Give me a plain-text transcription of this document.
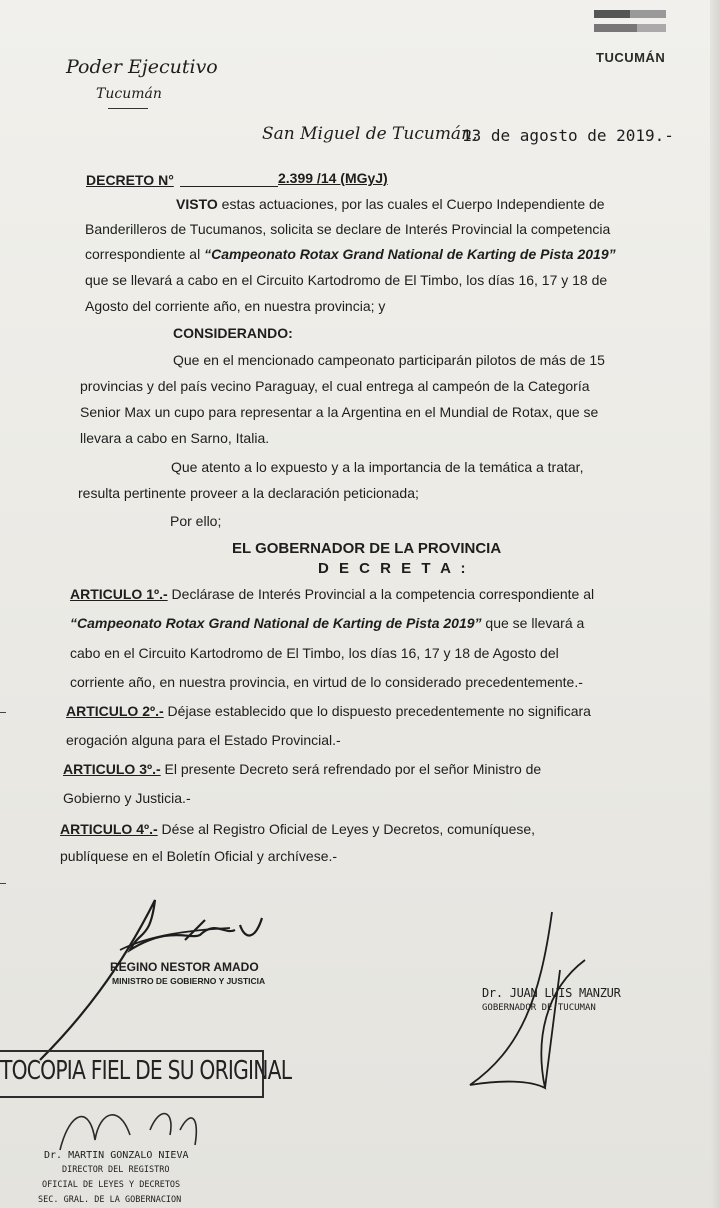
Poder Ejecutivo
Tucumán
TUCUMÁN
San Miguel de Tucumán,
13 de agosto de 2019.-
DECRETO N°	2.399 /14 (MGyJ)
VISTO estas actuaciones, por las cuales el Cuerpo Independiente de
Banderilleros de Tucumanos, solicita se declare de Interés Provincial la competencia
correspondiente al “Campeonato Rotax Grand National de Karting de Pista 2019”
que se llevará a cabo en el Circuito Kartodromo de El Timbo, los días 16, 17 y 18 de
Agosto del corriente año, en nuestra provincia; y
CONSIDERANDO:
Que en el mencionado campeonato participarán pilotos de más de 15
provincias y del país vecino Paraguay, el cual entrega al campeón de la Categoría
Senior Max un cupo para representar a la Argentina en el Mundial de Rotax, que se
llevara a cabo en Sarno, Italia.
Que atento a lo expuesto y a la importancia de la temática a tratar,
resulta pertinente proveer a la declaración peticionada;
Por ello;
EL GOBERNADOR DE LA PROVINCIA
D E C R E T A :
ARTICULO 1º.- Declárase de Interés Provincial a la competencia correspondiente al
“Campeonato Rotax Grand National de Karting de Pista 2019” que se llevará a
cabo en el Circuito Kartodromo de El Timbo, los días 16, 17 y 18 de Agosto del
corriente año, en nuestra provincia, en virtud de lo considerado precedentemente.-
ARTICULO 2º.- Déjase establecido que lo dispuesto precedentemente no significara
erogación alguna para el Estado Provincial.-
ARTICULO 3º.- El presente Decreto será refrendado por el señor Ministro de
Gobierno y Justicia.-
ARTICULO 4º.- Dése al Registro Oficial de Leyes y Decretos, comuníquese,
publíquese en el Boletín Oficial y archívese.-
REGINO NESTOR AMADO
MINISTRO DE GOBIERNO Y JUSTICIA
Dr. JUAN LUIS MANZUR
GOBERNADOR DE TUCUMAN
TOCOPIA FIEL DE SU ORIGINAL
Dr. MARTIN GONZALO NIEVA
DIRECTOR DEL REGISTRO
OFICIAL DE LEYES Y DECRETOS
SEC. GRAL. DE LA GOBERNACION
